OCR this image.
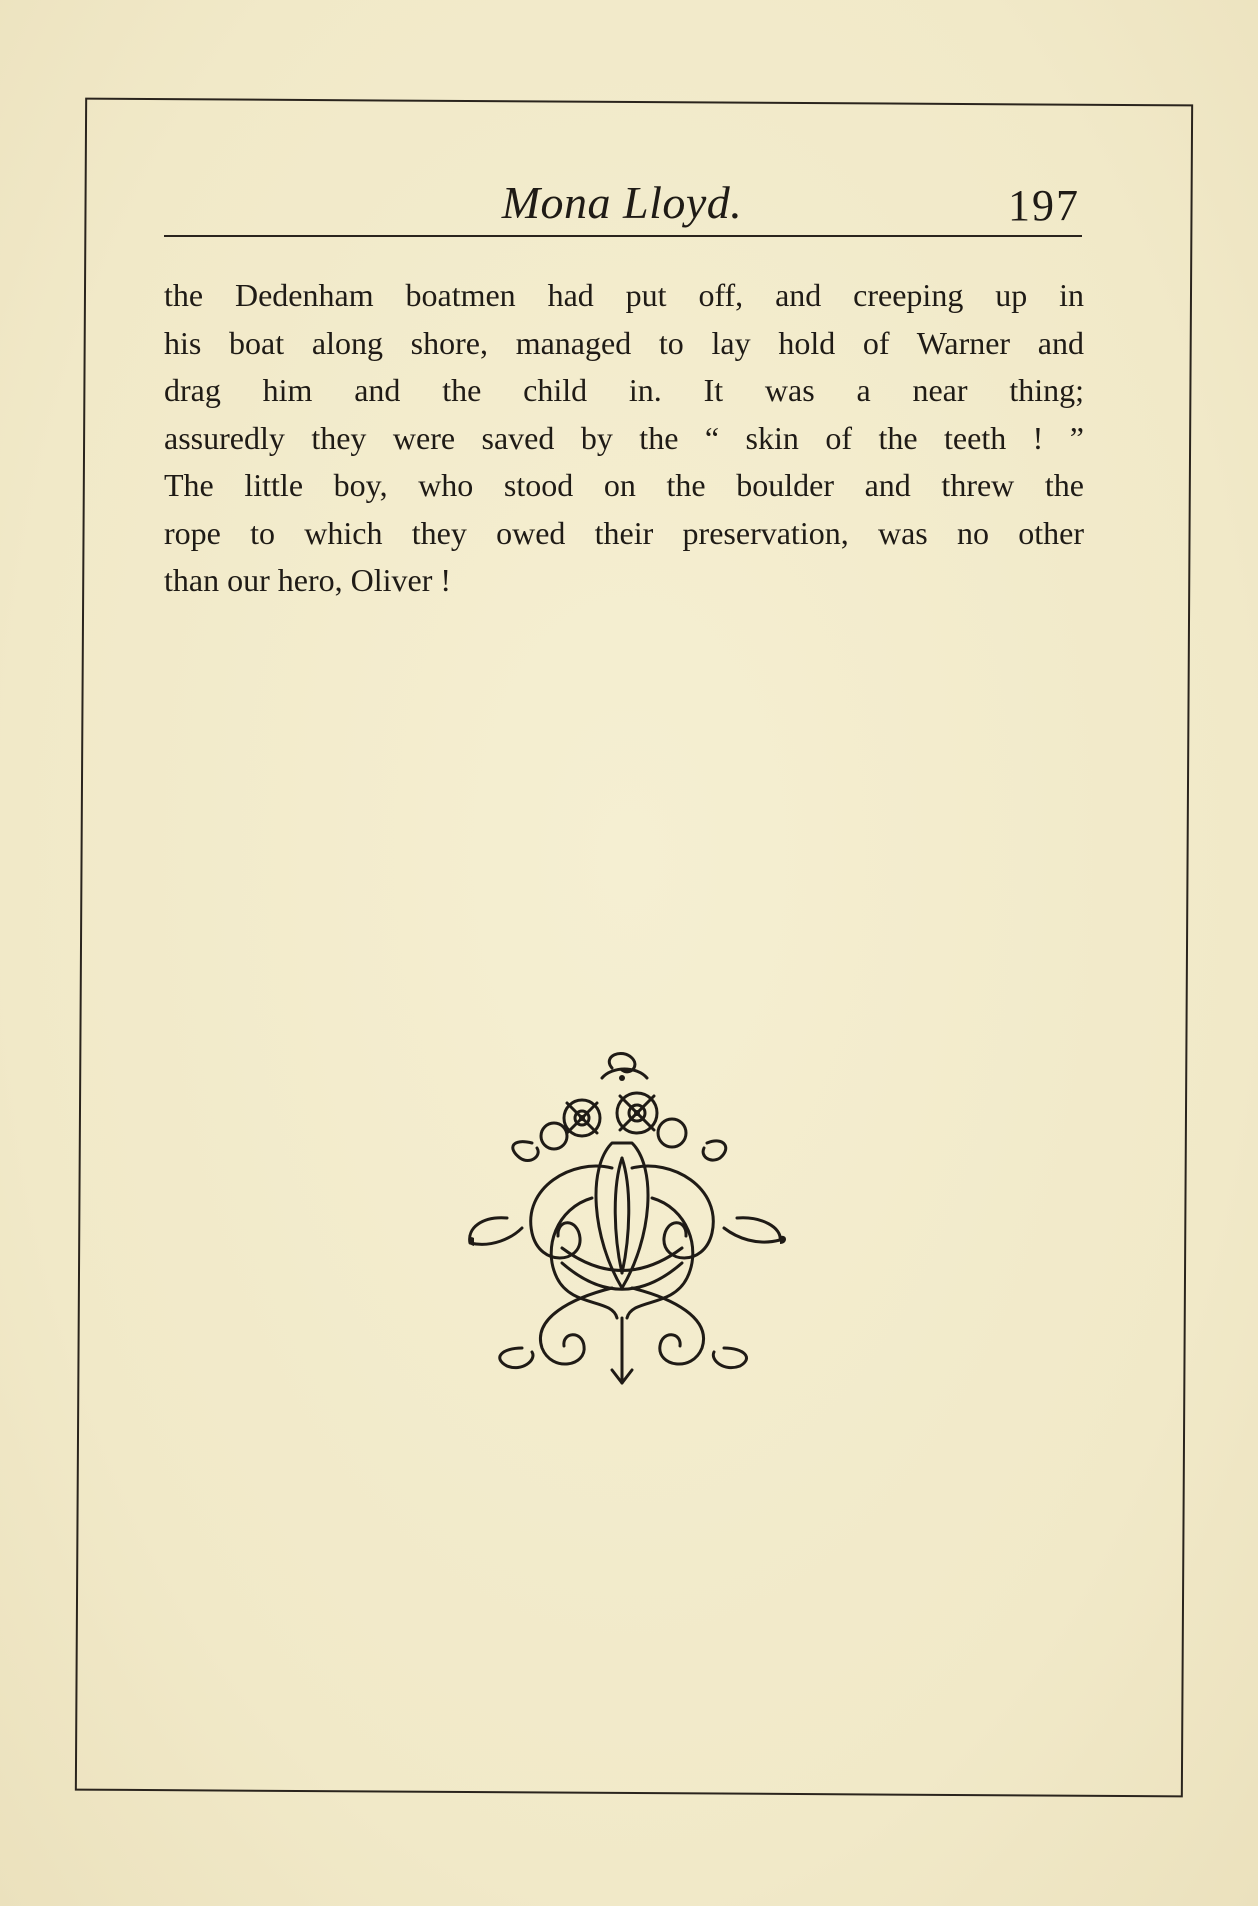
Mona Lloyd.	197
the Dedenham boatmen had put off, and creeping up in
his boat along shore, managed to lay hold of Warner and
drag him and the child in. It was a near thing;
assuredly they were saved by the “ skin of the teeth ! ”
The little boy, who stood on the boulder and threw the
rope to which they owed their preservation, was no other
than our hero, Oliver !
